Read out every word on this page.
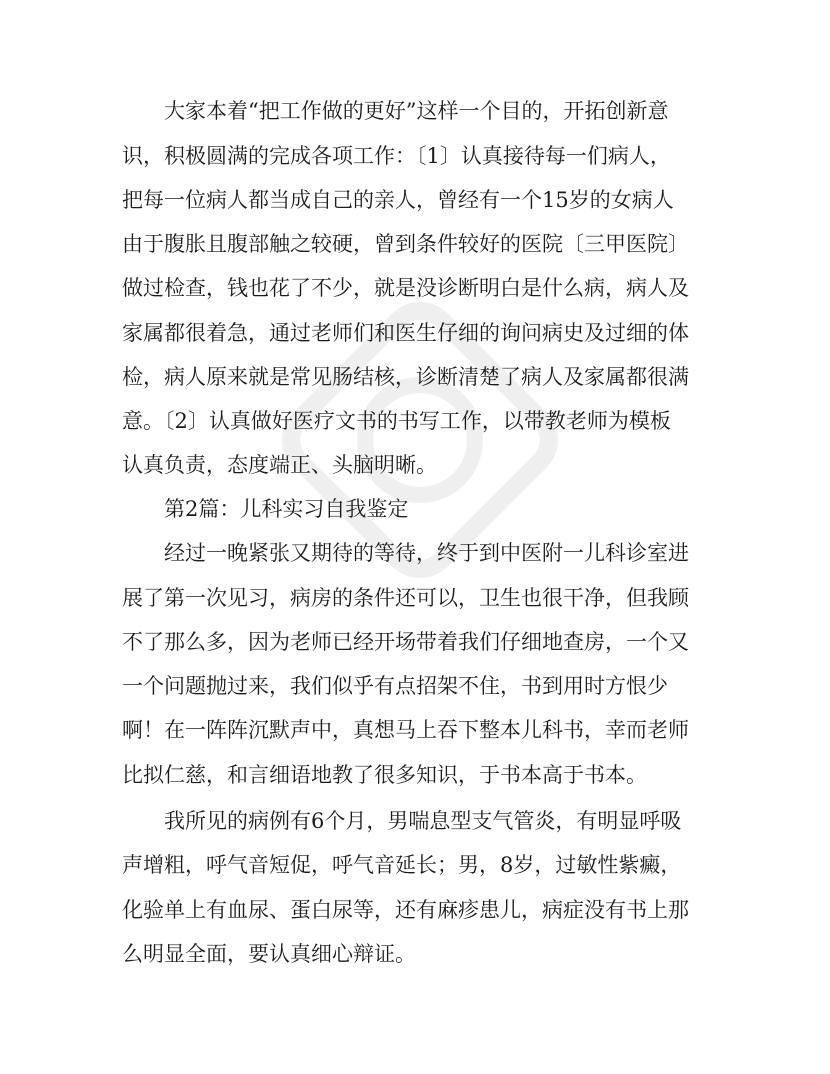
大家本着“把工作做的更好”这样一个目的，开拓创新意
识，积极圆满的完成各项工作：〔1〕认真接待每一们病人，
把每一位病人都当成自己的亲人，曾经有一个15岁的女病人
由于腹胀且腹部触之较硬，曾到条件较好的医院〔三甲医院〕
做过检查，钱也花了不少，就是没诊断明白是什么病，病人及
家属都很着急，通过老师们和医生仔细的询问病史及过细的体
检，病人原来就是常见肠结核，诊断清楚了病人及家属都很满
意。〔2〕认真做好医疗文书的书写工作，以带教老师为模板
认真负责，态度端正、头脑明晰。
第2篇：儿科实习自我鉴定
经过一晚紧张又期待的等待，终于到中医附一儿科诊室进
展了第一次见习，病房的条件还可以，卫生也很干净，但我顾
不了那么多，因为老师已经开场带着我们仔细地查房，一个又
一个问题抛过来，我们似乎有点招架不住，书到用时方恨少
啊！在一阵阵沉默声中，真想马上吞下整本儿科书，幸而老师
比拟仁慈，和言细语地教了很多知识，于书本高于书本。
我所见的病例有6个月，男喘息型支气管炎，有明显呼吸
声增粗，呼气音短促，呼气音延长；男，8岁，过敏性紫癜，
化验单上有血尿、蛋白尿等，还有麻疹患儿，病症没有书上那
么明显全面，要认真细心辩证。
